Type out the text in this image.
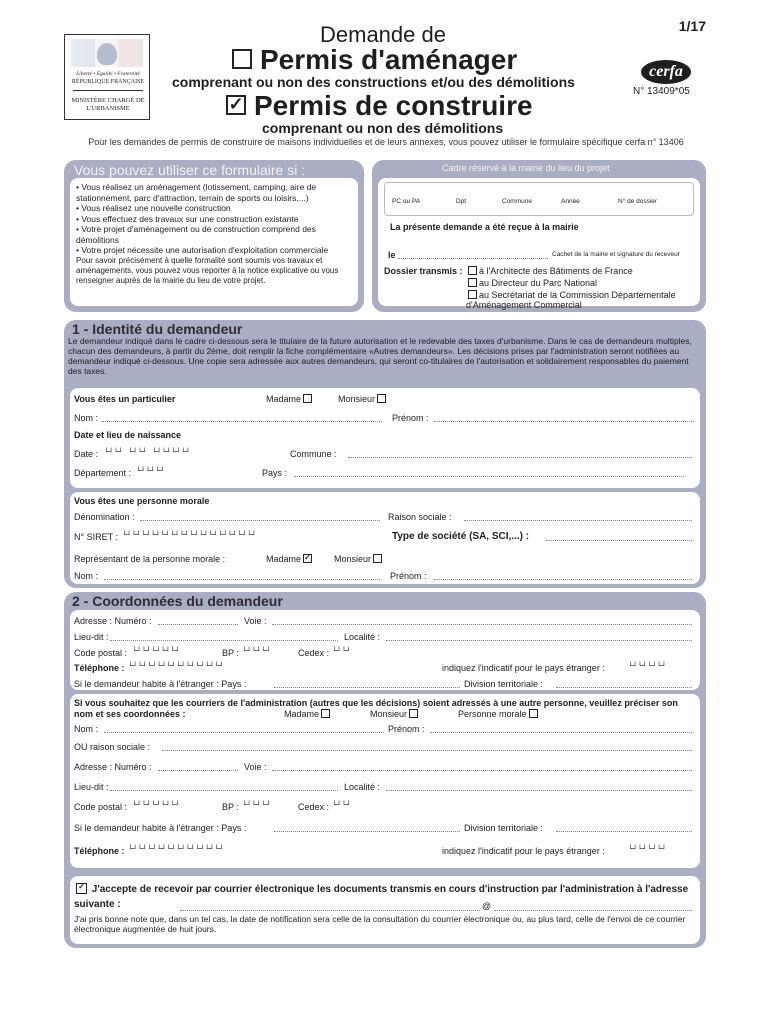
1/17
Liberté • Égalité • Fraternité
RÉPUBLIQUE FRANÇAISE
MINISTÈRE CHARGÉ DE L'URBANISME
Demande de
Permis d'aménager
comprenant ou non des constructions et/ou des démolitions
✓ Permis de construire
comprenant ou non des démolitions
cerfa
N° 13409*05
Pour les demandes de permis de construire de maisons individuelles et de leurs annexes, vous pouvez utiliser le formulaire spécifique cerfa n° 13406
Vous pouvez utiliser ce formulaire si :
• Vous réalisez un aménagement (lotissement, camping, aire de stationnement, parc d'attraction, terrain de sports ou loisirs,...)
• Vous réalisez une nouvelle construction
• Vous effectuez des travaux sur une construction existante
• Votre projet d'aménagement ou de construction comprend des démolitions
• Votre projet nécessite une autorisation d'exploitation commerciale
Pour savoir précisément à quelle formalité sont soumis vos travaux et aménagements, vous pouvez vous reporter à la notice explicative ou vous renseigner auprès de la mairie du lieu de votre projet.
Cadre réservé à la mairie du lieu du projet
PC ou PA	Dpt	Commune	Année	N° de dossier
La présente demande a été reçue à la mairie
le	Cachet de la mairie et signature du receveur
Dossier transmis :	à l'Architecte des Bâtiments de France
au Directeur du Parc National
au Secrétariat de la Commission Départementale d'Aménagement Commercial
1 - Identité du demandeur
Le demandeur indiqué dans le cadre ci-dessous sera le titulaire de la future autorisation et le redevable des taxes d'urbanisme. Dans le cas de demandeurs multiples, chacun des demandeurs, à partir du 2ème, doit remplir la fiche complémentaire «Autres demandeurs». Les décisions prises par l'administration seront notifiées au demandeur indiqué ci-dessous. Une copie sera adressée aux autres demandeurs, qui seront co-titulaires de l'autorisation et solidairement responsables du paiement des taxes.
Vous êtes un particulier	Madame	Monsieur
Nom :	Prénom :
Date et lieu de naissance
Date : └┘└┘ └┘└┘ └┘└┘└┘└┘	Commune :
Département : └┘└┘└┘	Pays :
Vous êtes une personne morale
Dénomination :	Raison sociale :
N° SIRET : └┘└┘└┘└┘└┘└┘└┘└┘└┘└┘└┘└┘└┘└┘	Type de société (SA, SCI,...) :
Représentant de la personne morale :	Madame ✓	Monsieur
Nom :	Prénom :
2 - Coordonnées du demandeur
Adresse : Numéro :	Voie :
Lieu-dit :	Localité :
Code postal : └┘└┘└┘└┘└┘	BP : └┘└┘└┘	Cedex : └┘└┘
Téléphone : └┘└┘└┘└┘└┘└┘└┘└┘└┘└┘	indiquez l'indicatif pour le pays étranger :	└┘└┘└┘└┘
Si le demandeur habite à l'étranger : Pays :	Division territoriale :
Si vous souhaitez que les courriers de l'administration (autres que les décisions) soient adressés à une autre personne, veuillez préciser son nom et ses coordonnées :	Madame	Monsieur	Personne morale
Nom :	Prénom :
OU raison sociale :
Adresse : Numéro :	Voie :
Lieu-dit :	Localité :
Code postal : └┘└┘└┘└┘└┘	BP : └┘└┘└┘	Cedex : └┘└┘
Si le demandeur habite à l'étranger : Pays :	Division territoriale :
Téléphone : └┘└┘└┘└┘└┘└┘└┘└┘└┘└┘	indiquez l'indicatif pour le pays étranger :	└┘└┘└┘└┘
✓ J'accepte de recevoir par courrier électronique les documents transmis en cours d'instruction par l'administration à l'adresse suivante :	@
J'ai pris bonne note que, dans un tel cas, la date de notification sera celle de la consultation du courrier électronique ou, au plus tard, celle de l'envoi de ce courrier électronique augmentée de huit jours.
